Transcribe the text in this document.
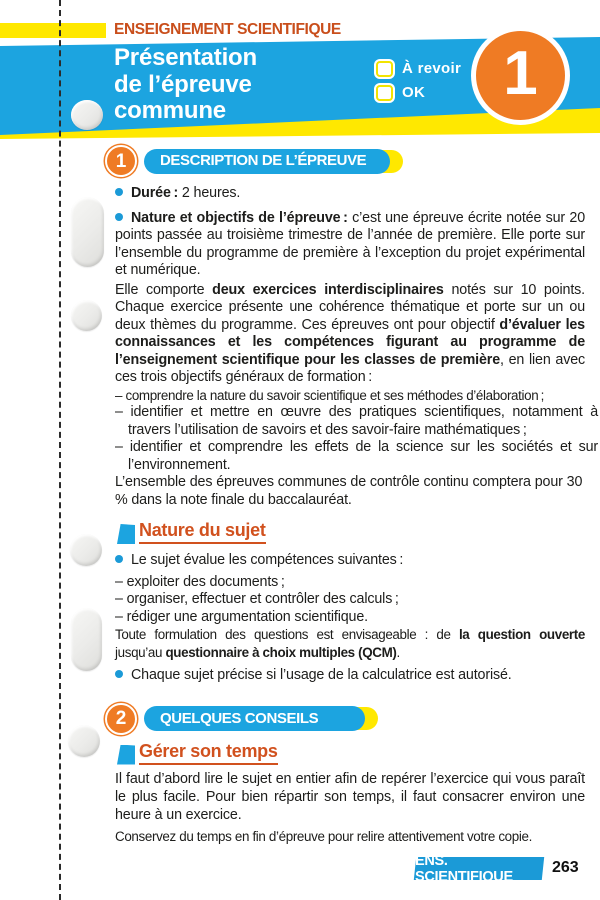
ENSEIGNEMENT SCIENTIFIQUE
Présentation
de l’épreuve
commune
À revoir
OK 1
1 DESCRIPTION DE L’ÉPREUVE

Durée : 2 heures.

Nature et objectifs de l’épreuve : c’est une épreuve écrite notée sur 20 points passée au troisième trimestre de l’année de première. Elle porte sur l’ensemble du programme de première à l’exception du projet expérimental et numérique.

Elle comporte deux exercices interdisciplinaires notés sur 10 points. Chaque exercice présente une cohérence thématique et porte sur un ou deux thèmes du programme. Ces épreuves ont pour objectif d’évaluer les connaissances et les compétences figurant au programme de l’enseignement scientifique pour les classes de première, en lien avec ces trois objectifs généraux de formation :

– comprendre la nature du savoir scientifique et ses méthodes d’élaboration ;

– identifier et mettre en œuvre des pratiques scientifiques, notamment à travers l’utilisation de savoirs et des savoir-faire mathématiques ;

– identifier et comprendre les effets de la science sur les sociétés et sur l’environnement.

L’ensemble des épreuves communes de contrôle continu comptera pour 30 % dans la note finale du baccalauréat.

Nature du sujet

Le sujet évalue les compétences suivantes :

– exploiter des documents ;

– organiser, effectuer et contrôler des calculs ;

– rédiger une argumentation scientifique.

Toute formulation des questions est envisageable : de la question ouverte jusqu’au questionnaire à choix multiples (QCM).

Chaque sujet précise si l’usage de la calculatrice est autorisé.

2 QUELQUES CONSEILS
Gérer son temps

Il faut d’abord lire le sujet en entier afin de repérer l’exercice qui vous paraît le plus facile. Pour bien répartir son temps, il faut consacrer environ une heure à un exercice.

Conservez du temps en fin d’épreuve pour relire attentivement votre copie.

ENS. SCIENTIFIQUE
263
